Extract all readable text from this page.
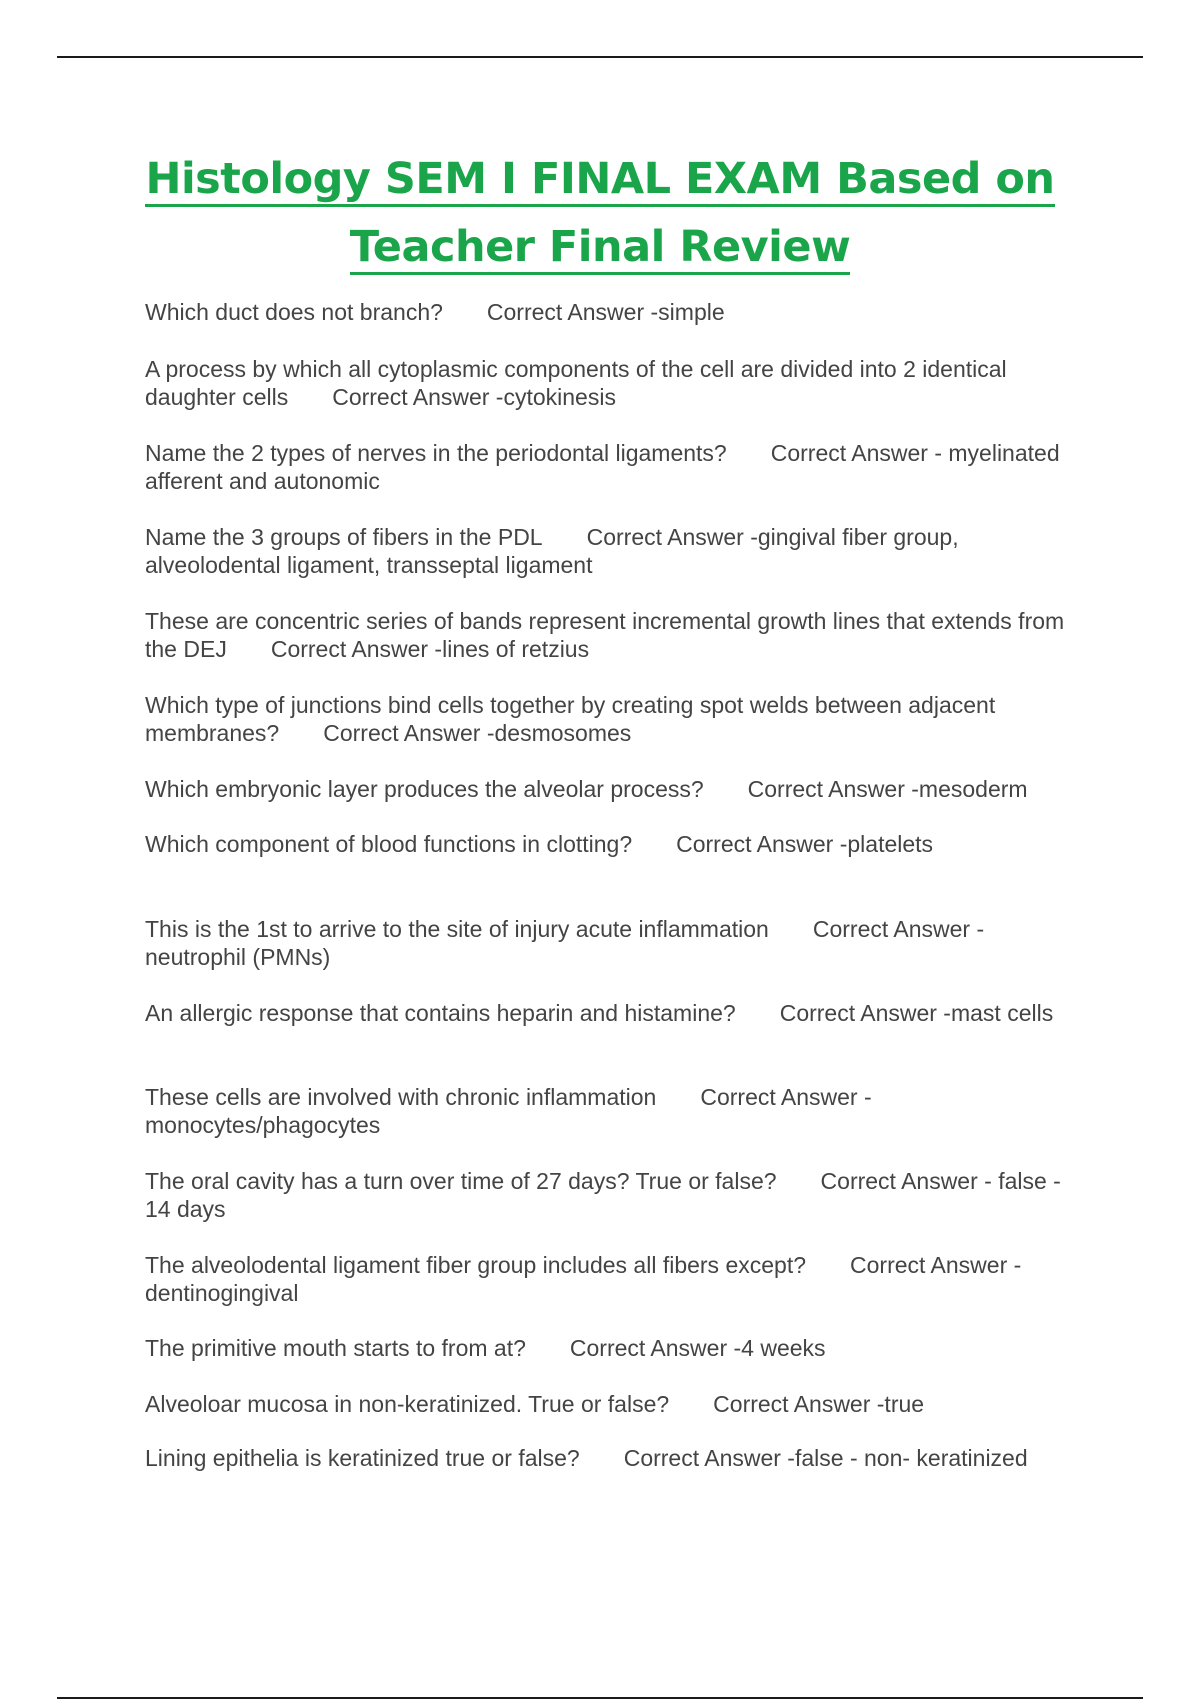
Histology SEM I FINAL EXAM Based on
Teacher Final Review

Which duct does not branch? Correct Answer -simple

A process by which all cytoplasmic components of the cell are divided into 2 identical daughter cells Correct Answer -cytokinesis

Name the 2 types of nerves in the periodontal ligaments? Correct Answer - myelinated afferent and autonomic

Name the 3 groups of fibers in the PDL Correct Answer -gingival fiber group, alveolodental ligament, transseptal ligament

These are concentric series of bands represent incremental growth lines that extends from the DEJ Correct Answer -lines of retzius

Which type of junctions bind cells together by creating spot welds between adjacent membranes? Correct Answer -desmosomes

Which embryonic layer produces the alveolar process? Correct Answer -mesoderm

Which component of blood functions in clotting? Correct Answer -platelets

This is the 1st to arrive to the site of injury acute inflammation Correct Answer - neutrophil (PMNs)

An allergic response that contains heparin and histamine? Correct Answer -mast cells

These cells are involved with chronic inflammation Correct Answer - monocytes/phagocytes

The oral cavity has a turn over time of 27 days? True or false? Correct Answer - false - 14 days

The alveolodental ligament fiber group includes all fibers except? Correct Answer - dentinogingival

The primitive mouth starts to from at? Correct Answer -4 weeks

Alveoloar mucosa in non-keratinized. True or false? Correct Answer -true

Lining epithelia is keratinized true or false? Correct Answer -false - non- keratinized
